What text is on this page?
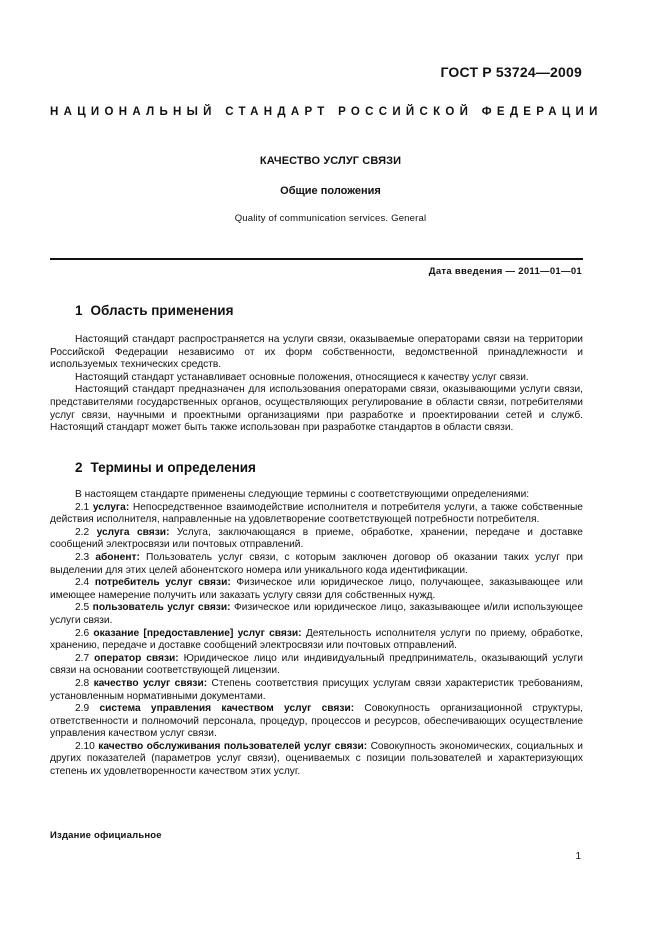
ГОСТ Р 53724—2009
НАЦИОНАЛЬНЫЙ СТАНДАРТ РОССИЙСКОЙ ФЕДЕРАЦИИ
КАЧЕСТВО УСЛУГ СВЯЗИ
Общие положения
Quality of communication services. General
Дата введения — 2011—01—01
1 Область применения

Настоящий стандарт распространяется на услуги связи, оказываемые операторами связи на территории Российской Федерации независимо от их форм собственности, ведомственной принадлежности и используемых технических средств.

Настоящий стандарт устанавливает основные положения, относящиеся к качеству услуг связи.

Настоящий стандарт предназначен для использования операторами связи, оказывающими услуги связи, представителями государственных органов, осуществляющих регулирование в области связи, потребителями услуг связи, научными и проектными организациями при разработке и проектировании сетей и служб. Настоящий стандарт может быть также использован при разработке стандартов в области связи.

2 Термины и определения

В настоящем стандарте применены следующие термины с соответствующими определениями:

2.1 услуга: Непосредственное взаимодействие исполнителя и потребителя услуги, а также собственные действия исполнителя, направленные на удовлетворение соответствующей потребности потребителя.

2.2 услуга связи: Услуга, заключающаяся в приеме, обработке, хранении, передаче и доставке сообщений электросвязи или почтовых отправлений.

2.3 абонент: Пользователь услуг связи, с которым заключен договор об оказании таких услуг при выделении для этих целей абонентского номера или уникального кода идентификации.

2.4 потребитель услуг связи: Физическое или юридическое лицо, получающее, заказывающее или имеющее намерение получить или заказать услугу связи для собственных нужд.

2.5 пользователь услуг связи: Физическое или юридическое лицо, заказывающее и/или использующее услуги связи.

2.6 оказание [предоставление] услуг связи: Деятельность исполнителя услуги по приему, обработке, хранению, передаче и доставке сообщений электросвязи или почтовых отправлений.

2.7 оператор связи: Юридическое лицо или индивидуальный предприниматель, оказывающий услуги связи на основании соответствующей лицензии.

2.8 качество услуг связи: Степень соответствия присущих услугам связи характеристик требованиям, установленным нормативными документами.

2.9 система управления качеством услуг связи: Совокупность организационной структуры, ответственности и полномочий персонала, процедур, процессов и ресурсов, обеспечивающих осуществление управления качеством услуг связи.

2.10 качество обслуживания пользователей услуг связи: Совокупность экономических, социальных и других показателей (параметров услуг связи), оцениваемых с позиции пользователей и характеризующих степень их удовлетворенности качеством этих услуг.

Издание официальное
1
